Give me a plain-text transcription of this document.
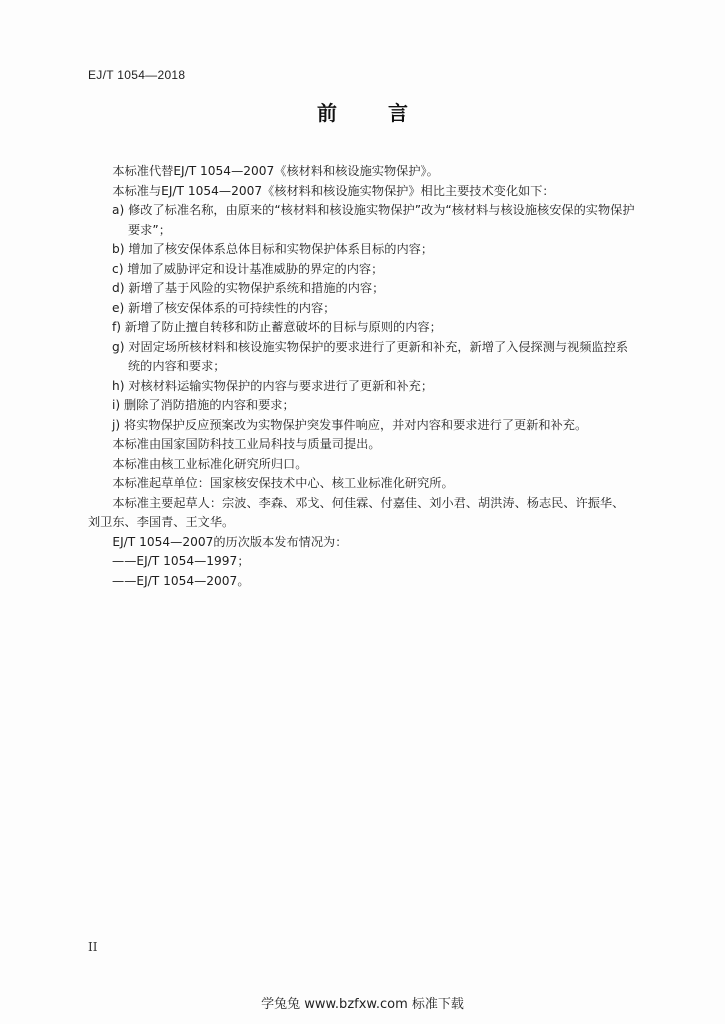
EJ/T 1054—2018
前 言

本标准代替EJ/T 1054—2007《核材料和核设施实物保护》。

本标准与EJ/T 1054—2007《核材料和核设施实物保护》相比主要技术变化如下：

a) 修改了标准名称，由原来的“核材料和核设施实物保护”改为“核材料与核设施核安保的实物保护要求”；

b) 增加了核安保体系总体目标和实物保护体系目标的内容；

c) 增加了威胁评定和设计基准威胁的界定的内容；

d) 新增了基于风险的实物保护系统和措施的内容；

e) 新增了核安保体系的可持续性的内容；

f) 新增了防止擅自转移和防止蓄意破坏的目标与原则的内容；

g) 对固定场所核材料和核设施实物保护的要求进行了更新和补充，新增了入侵探测与视频监控系统的内容和要求；

h) 对核材料运输实物保护的内容与要求进行了更新和补充；

i) 删除了消防措施的内容和要求；

j) 将实物保护反应预案改为实物保护突发事件响应，并对内容和要求进行了更新和补充。

本标准由国家国防科技工业局科技与质量司提出。

本标准由核工业标准化研究所归口。

本标准起草单位：国家核安保技术中心、核工业标准化研究所。

本标准主要起草人：宗波、李森、邓戈、何佳霖、付嘉佳、刘小君、胡洪涛、杨志民、许振华、刘卫东、李国青、王文华。

EJ/T 1054—2007的历次版本发布情况为：

——EJ/T 1054—1997；

——EJ/T 1054—2007。

II
学兔兔 www.bzfxw.com 标准下载
